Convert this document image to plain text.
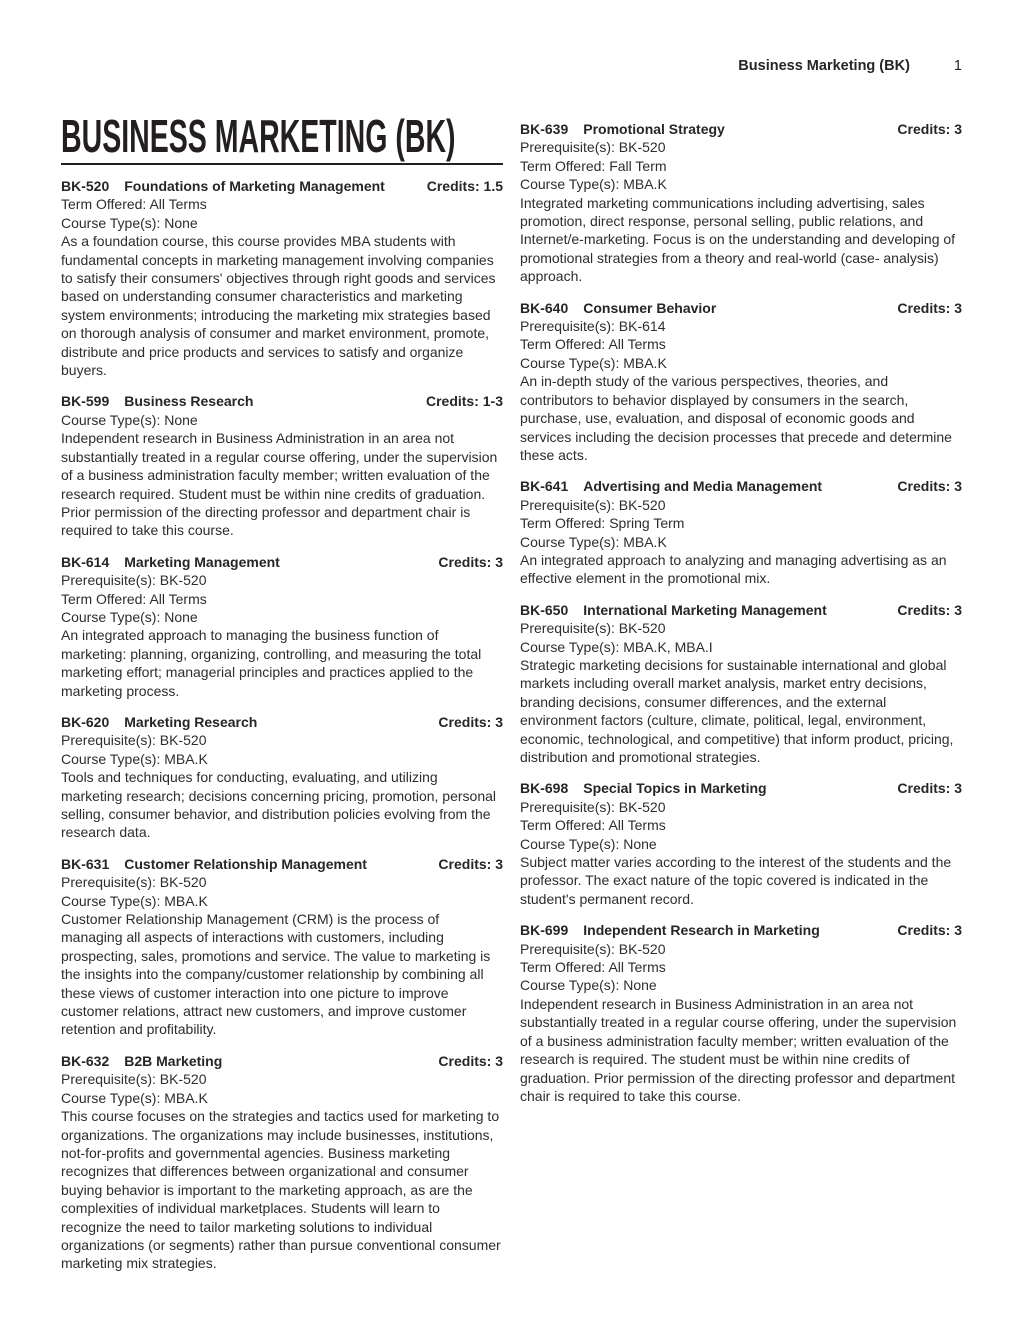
Business Marketing (BK)	1
BUSINESS MARKETING (BK)
BK-520 Foundations of Marketing Management	Credits: 1.5
Term Offered: All Terms
Course Type(s): None

As a foundation course, this course provides MBA students with fundamental concepts in marketing management involving companies to satisfy their consumers' objectives through right goods and services based on understanding consumer characteristics and marketing system environments; introducing the marketing mix strategies based on thorough analysis of consumer and market environment, promote, distribute and price products and services to satisfy and organize buyers.

BK-599 Business Research	Credits: 1-3
Course Type(s): None

Independent research in Business Administration in an area not substantially treated in a regular course offering, under the supervision of a business administration faculty member; written evaluation of the research required. Student must be within nine credits of graduation. Prior permission of the directing professor and department chair is required to take this course.

BK-614 Marketing Management	Credits: 3
Prerequisite(s): BK-520
Term Offered: All Terms
Course Type(s): None

An integrated approach to managing the business function of marketing: planning, organizing, controlling, and measuring the total marketing effort; managerial principles and practices applied to the marketing process.

BK-620 Marketing Research	Credits: 3
Prerequisite(s): BK-520
Course Type(s): MBA.K

Tools and techniques for conducting, evaluating, and utilizing marketing research; decisions concerning pricing, promotion, personal selling, consumer behavior, and distribution policies evolving from the research data.

BK-631 Customer Relationship Management	Credits: 3
Prerequisite(s): BK-520
Course Type(s): MBA.K

Customer Relationship Management (CRM) is the process of managing all aspects of interactions with customers, including prospecting, sales, promotions and service. The value to marketing is the insights into the company/customer relationship by combining all these views of customer interaction into one picture to improve customer relations, attract new customers, and improve customer retention and profitability.

BK-632 B2B Marketing	Credits: 3
Prerequisite(s): BK-520
Course Type(s): MBA.K

This course focuses on the strategies and tactics used for marketing to organizations. The organizations may include businesses, institutions, not-for-profits and governmental agencies. Business marketing recognizes that differences between organizational and consumer buying behavior is important to the marketing approach, as are the complexities of individual marketplaces. Students will learn to recognize the need to tailor marketing solutions to individual organizations (or segments) rather than pursue conventional consumer marketing mix strategies.

BK-639 Promotional Strategy	Credits: 3
Prerequisite(s): BK-520
Term Offered: Fall Term
Course Type(s): MBA.K

Integrated marketing communications including advertising, sales promotion, direct response, personal selling, public relations, and Internet/e-marketing. Focus is on the understanding and developing of promotional strategies from a theory and real-world (case- analysis) approach.

BK-640 Consumer Behavior	Credits: 3
Prerequisite(s): BK-614
Term Offered: All Terms
Course Type(s): MBA.K

An in-depth study of the various perspectives, theories, and contributors to behavior displayed by consumers in the search, purchase, use, evaluation, and disposal of economic goods and services including the decision processes that precede and determine these acts.

BK-641 Advertising and Media Management	Credits: 3
Prerequisite(s): BK-520
Term Offered: Spring Term
Course Type(s): MBA.K

An integrated approach to analyzing and managing advertising as an effective element in the promotional mix.

BK-650 International Marketing Management	Credits: 3
Prerequisite(s): BK-520
Course Type(s): MBA.K, MBA.I

Strategic marketing decisions for sustainable international and global markets including overall market analysis, market entry decisions, branding decisions, consumer differences, and the external environment factors (culture, climate, political, legal, environment, economic, technological, and competitive) that inform product, pricing, distribution and promotional strategies.

BK-698 Special Topics in Marketing	Credits: 3
Prerequisite(s): BK-520
Term Offered: All Terms
Course Type(s): None

Subject matter varies according to the interest of the students and the professor. The exact nature of the topic covered is indicated in the student's permanent record.

BK-699 Independent Research in Marketing	Credits: 3
Prerequisite(s): BK-520
Term Offered: All Terms
Course Type(s): None

Independent research in Business Administration in an area not substantially treated in a regular course offering, under the supervision of a business administration faculty member; written evaluation of the research is required. The student must be within nine credits of graduation. Prior permission of the directing professor and department chair is required to take this course.
